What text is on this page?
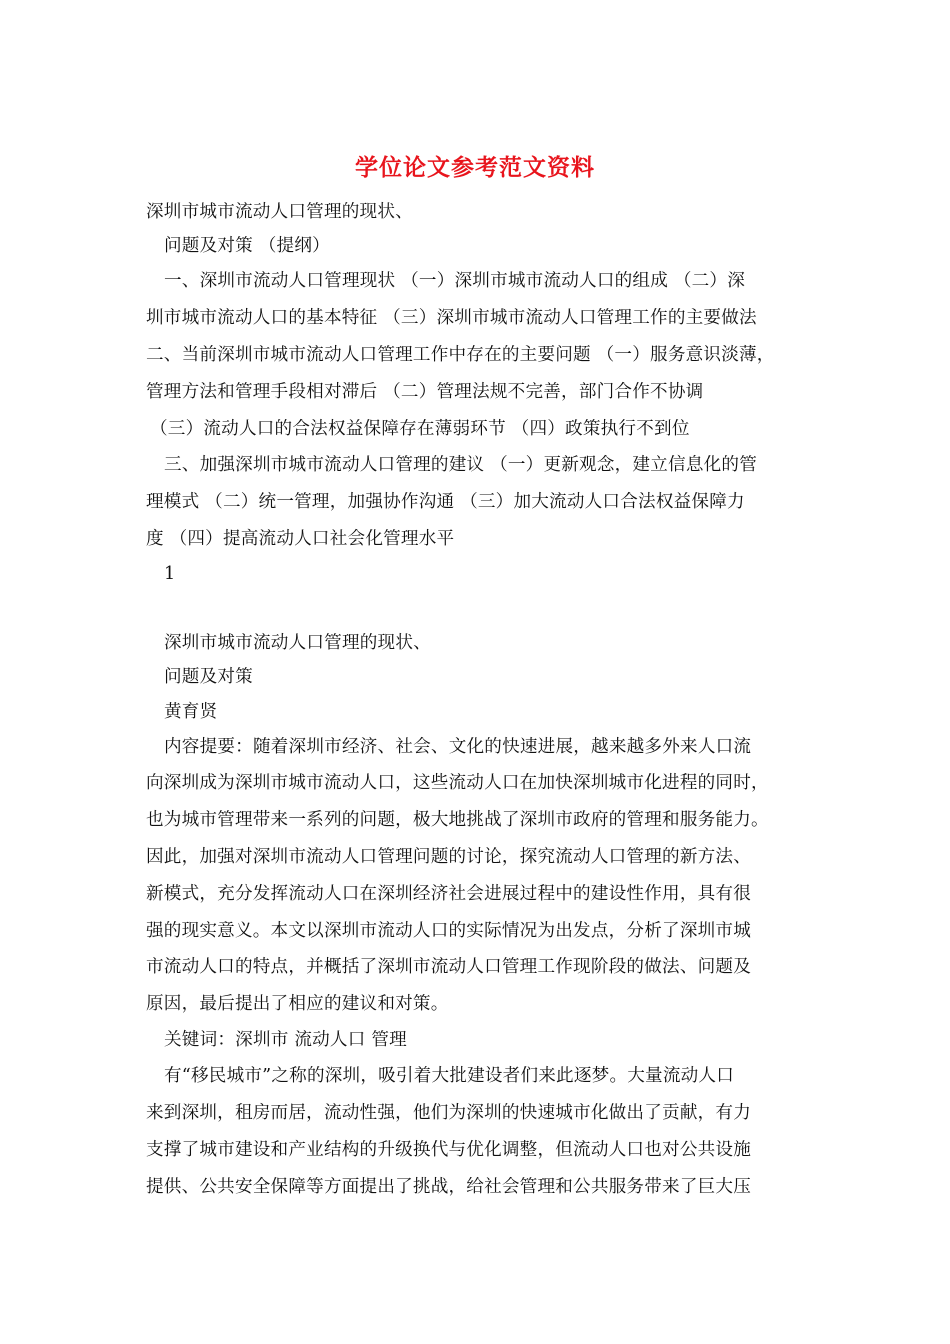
学位论文参考范文资料
深圳市城市流动人口管理的现状、
问题及对策 （提纲）
一、深圳市流动人口管理现状 （一）深圳市城市流动人口的组成 （二）深
圳市城市流动人口的基本特征 （三）深圳市城市流动人口管理工作的主要做法
二、当前深圳市城市流动人口管理工作中存在的主要问题 （一）服务意识淡薄，
管理方法和管理手段相对滞后 （二）管理法规不完善，部门合作不协调
（三）流动人口的合法权益保障存在薄弱环节 （四）政策执行不到位
三、加强深圳市城市流动人口管理的建议 （一）更新观念，建立信息化的管
理模式 （二）统一管理，加强协作沟通 （三）加大流动人口合法权益保障力
度 （四）提高流动人口社会化管理水平
1
深圳市城市流动人口管理的现状、
问题及对策
黄育贤
内容提要：随着深圳市经济、社会、文化的快速进展，越来越多外来人口流
向深圳成为深圳市城市流动人口，这些流动人口在加快深圳城市化进程的同时，
也为城市管理带来一系列的问题，极大地挑战了深圳市政府的管理和服务能力。
因此，加强对深圳市流动人口管理问题的讨论，探究流动人口管理的新方法、
新模式，充分发挥流动人口在深圳经济社会进展过程中的建设性作用，具有很
强的现实意义。本文以深圳市流动人口的实际情况为出发点，分析了深圳市城
市流动人口的特点，并概括了深圳市流动人口管理工作现阶段的做法、问题及
原因，最后提出了相应的建议和对策。
关键词：深圳市 流动人口 管理
有“移民城市”之称的深圳，吸引着大批建设者们来此逐梦。大量流动人口
来到深圳，租房而居，流动性强，他们为深圳的快速城市化做出了贡献，有力
支撑了城市建设和产业结构的升级换代与优化调整，但流动人口也对公共设施
提供、公共安全保障等方面提出了挑战，给社会管理和公共服务带来了巨大压
